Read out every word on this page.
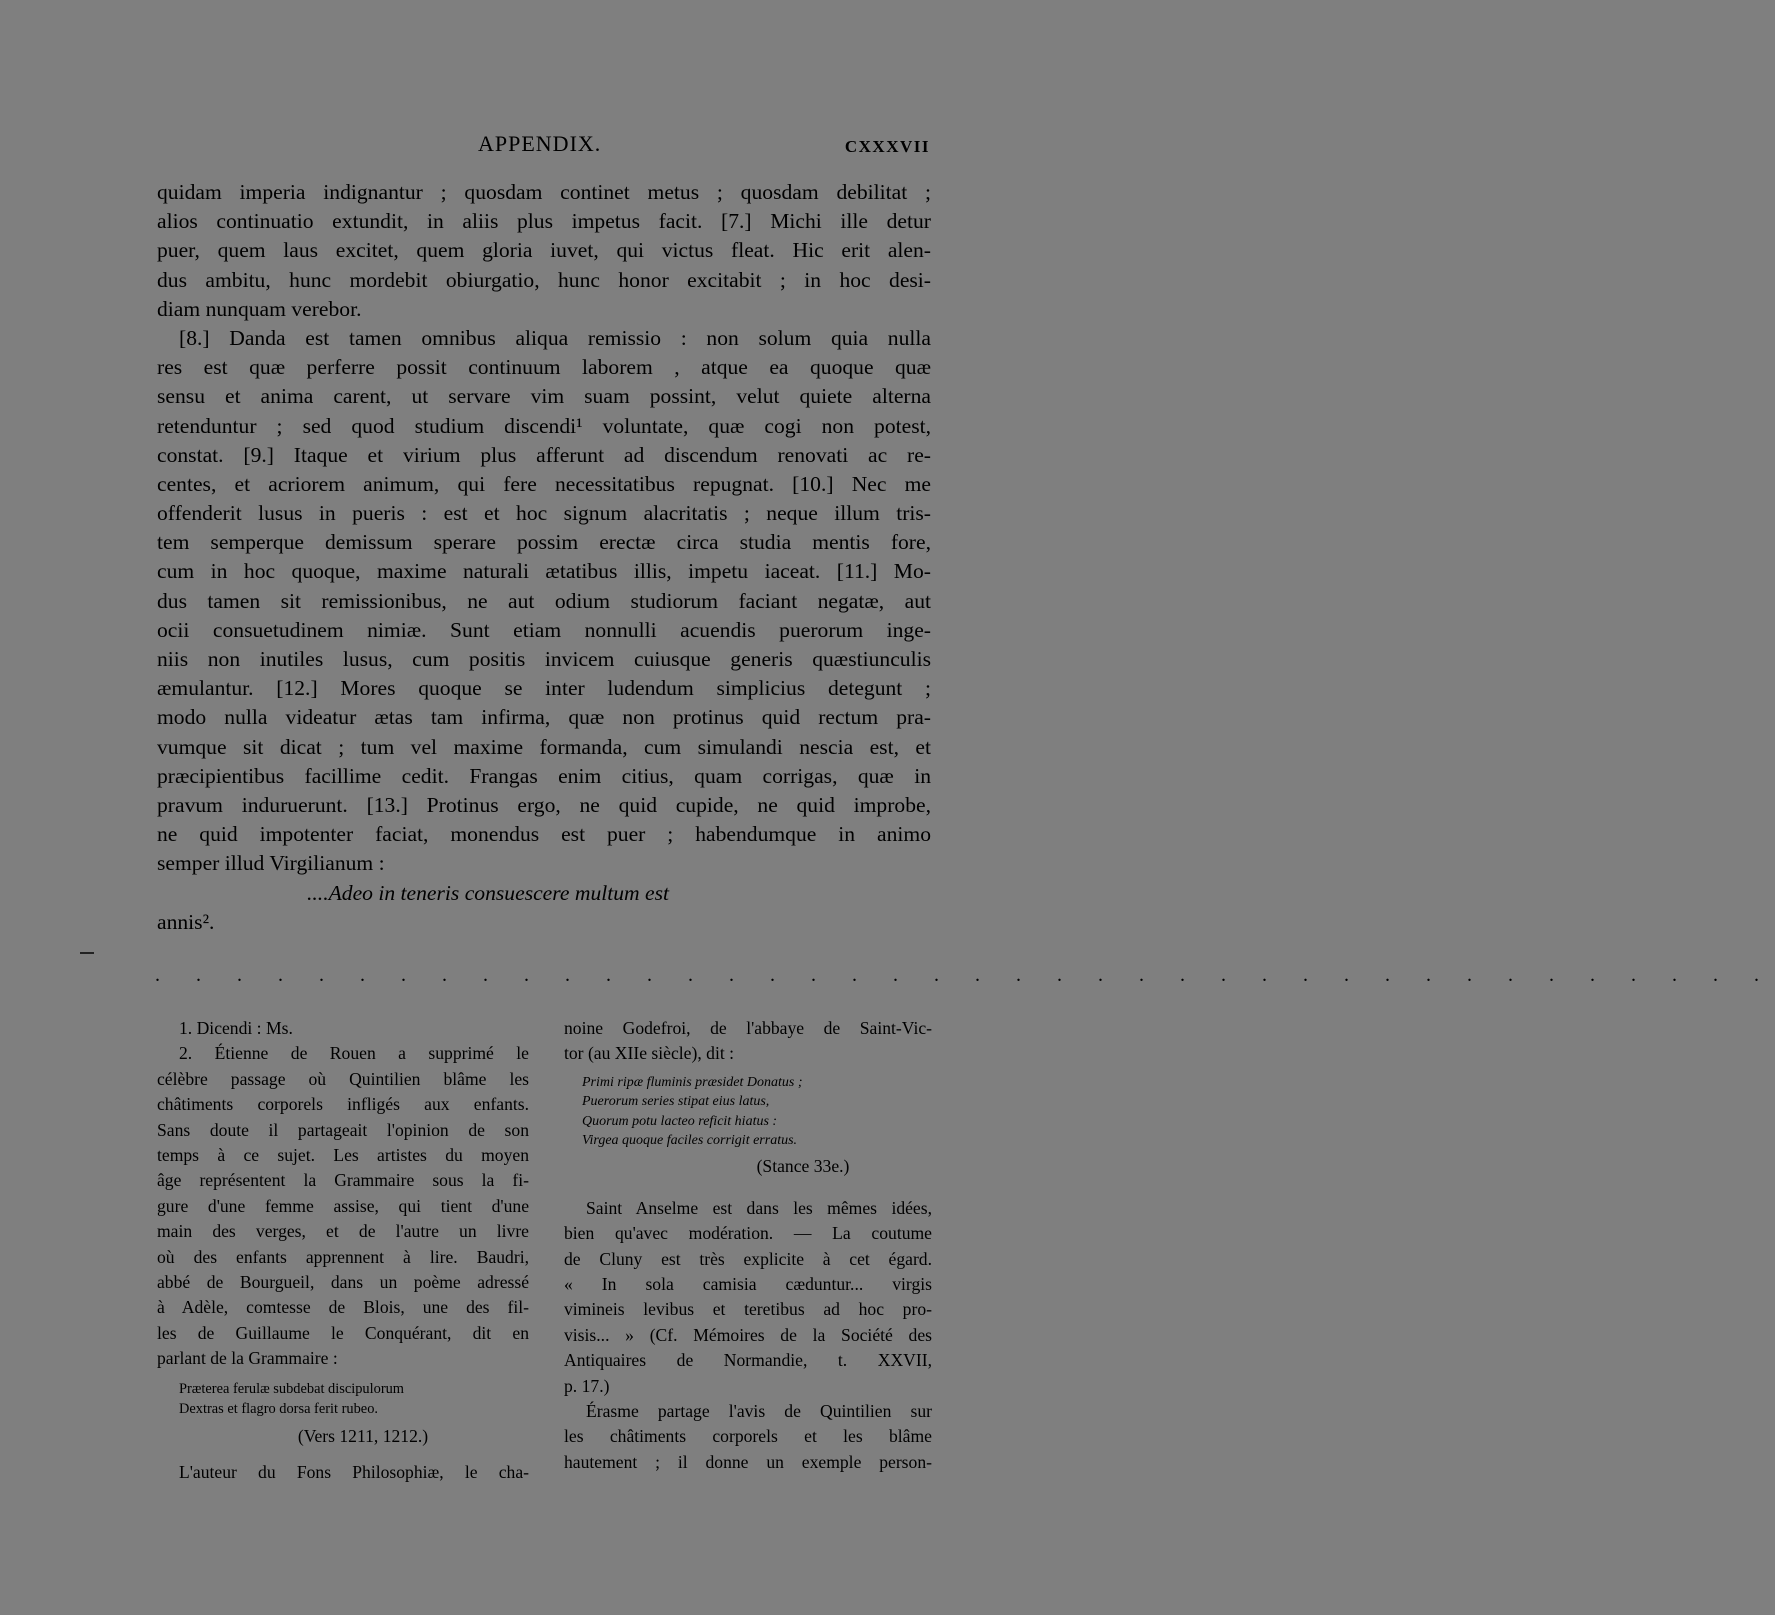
APPENDIX.	CXXXVII
quidam imperia indignantur ; quosdam continet metus ; quosdam debilitat ;
alios continuatio extundit, in aliis plus impetus facit. [7.] Michi ille detur
puer, quem laus excitet, quem gloria iuvet, qui victus fleat. Hic erit alen-
dus ambitu, hunc mordebit obiurgatio, hunc honor excitabit ; in hoc desi-
diam nunquam verebor.
[8.] Danda est tamen omnibus aliqua remissio : non solum quia nulla
res est quæ perferre possit continuum laborem , atque ea quoque quæ
sensu et anima carent, ut servare vim suam possint, velut quiete alterna
retenduntur ; sed quod studium discendi¹ voluntate, quæ cogi non potest,
constat. [9.] Itaque et virium plus afferunt ad discendum renovati ac re-
centes, et acriorem animum, qui fere necessitatibus repugnat. [10.] Nec me
offenderit lusus in pueris : est et hoc signum alacritatis ; neque illum tris-
tem semperque demissum sperare possim erectæ circa studia mentis fore,
cum in hoc quoque, maxime naturali ætatibus illis, impetu iaceat. [11.] Mo-
dus tamen sit remissionibus, ne aut odium studiorum faciant negatæ, aut
ocii consuetudinem nimiæ. Sunt etiam nonnulli acuendis puerorum inge-
niis non inutiles lusus, cum positis invicem cuiusque generis quæstiunculis
æmulantur. [12.] Mores quoque se inter ludendum simplicius detegunt ;
modo nulla videatur ætas tam infirma, quæ non protinus quid rectum pra-
vumque sit dicat ; tum vel maxime formanda, cum simulandi nescia est, et
præcipientibus facillime cedit. Frangas enim citius, quam corrigas, quæ in
pravum induruerunt. [13.] Protinus ergo, ne quid cupide, ne quid improbe,
ne quid impotenter faciat, monendus est puer ; habendumque in animo
semper illud Virgilianum :
....Adeo in teneris consuescere multum est
annis².
. . . . . . . . . . . . . . . . . . . . . . . . . . . . . . . . . . . . . . . .
1. Dicendi : Ms.
2. Étienne de Rouen a supprimé le
célèbre passage où Quintilien blâme les
châtiments corporels infligés aux enfants.
Sans doute il partageait l'opinion de son
temps à ce sujet. Les artistes du moyen
âge représentent la Grammaire sous la fi-
gure d'une femme assise, qui tient d'une
main des verges, et de l'autre un livre
où des enfants apprennent à lire. Baudri,
abbé de Bourgueil, dans un poème adressé
à Adèle, comtesse de Blois, une des fil-
les de Guillaume le Conquérant, dit en
parlant de la Grammaire :
Præterea ferulæ subdebat discipulorum
Dextras et flagro dorsa ferit rubeo.
(Vers 1211, 1212.)
L'auteur du Fons Philosophiæ, le cha-
noine Godefroi, de l'abbaye de Saint-Vic-
tor (au XIIe siècle), dit :
Primi ripæ fluminis præsidet Donatus ;
Puerorum series stipat eius latus,
Quorum potu lacteo reficit hiatus :
Virgea quoque faciles corrigit erratus.
(Stance 33e.)
Saint Anselme est dans les mêmes idées,
bien qu'avec modération. — La coutume
de Cluny est très explicite à cet égard.
« In sola camisia cæduntur... virgis
vimineis levibus et teretibus ad hoc pro-
visis... » (Cf. Mémoires de la Société des
Antiquaires de Normandie, t. XXVII,
p. 17.)
Érasme partage l'avis de Quintilien sur
les châtiments corporels et les blâme
hautement ; il donne un exemple person-
